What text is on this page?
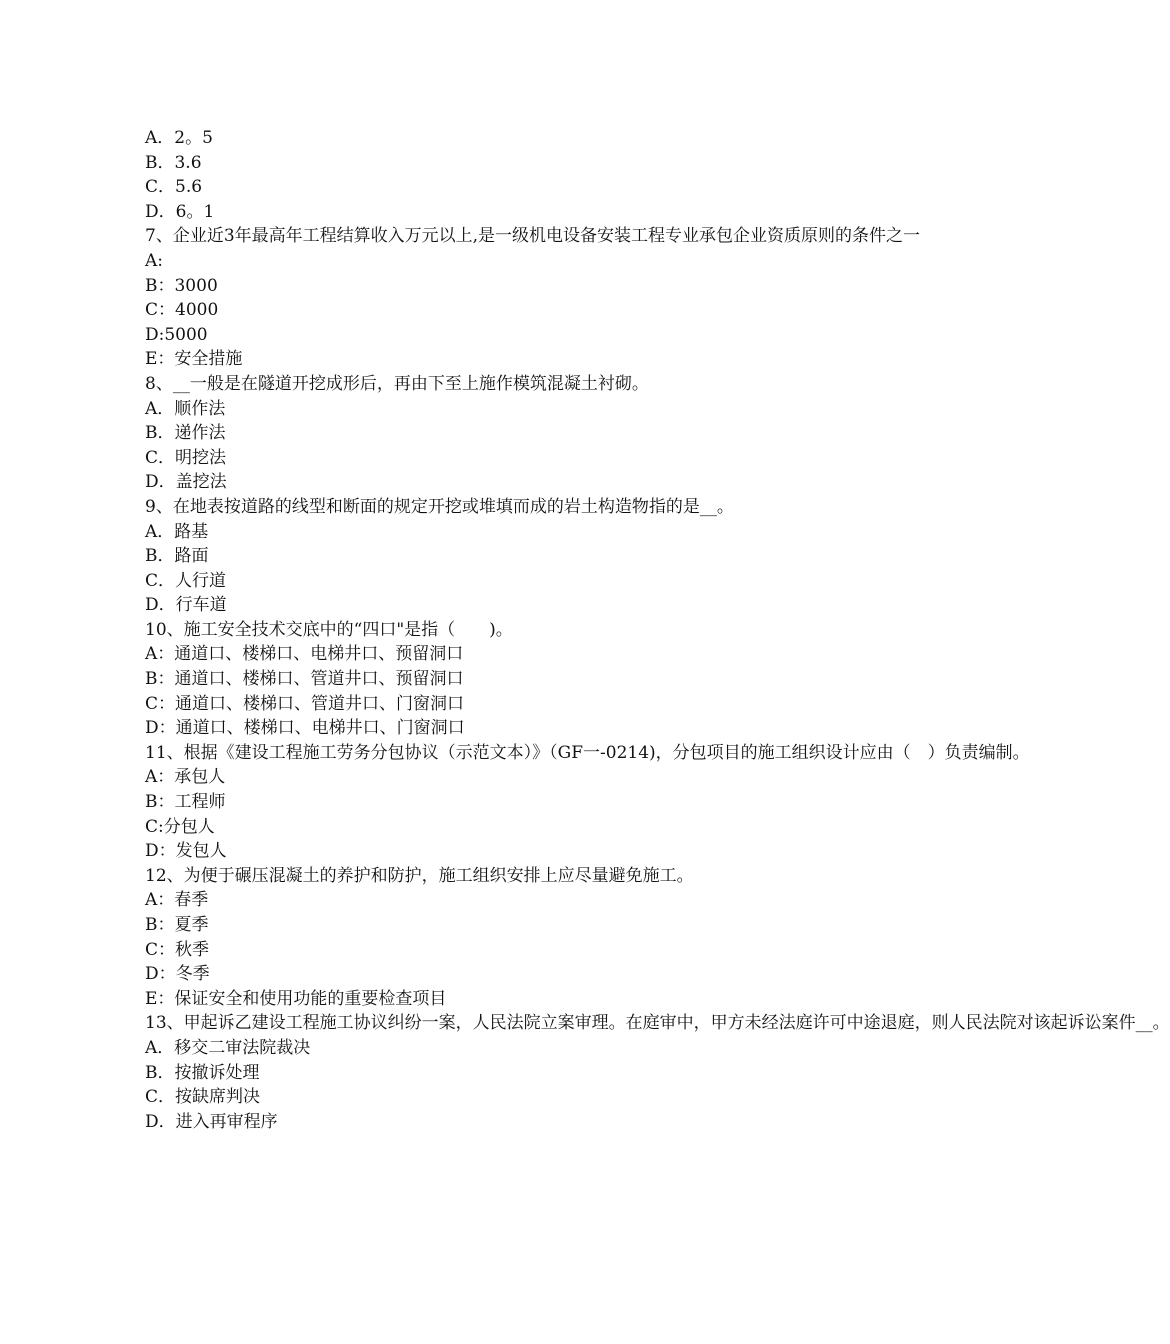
A．2。5
B．3.6
C．5.6
D．6。1
7、企业近3年最高年工程结算收入万元以上,是一级机电设备安装工程专业承包企业资质原则的条件之一
A:
B：3000
C：4000
D:5000
E：安全措施
8、__一般是在隧道开挖成形后，再由下至上施作模筑混凝土衬砌。
A．顺作法
B．递作法
C．明挖法
D．盖挖法
9、在地表按道路的线型和断面的规定开挖或堆填而成的岩土构造物指的是__。
A．路基
B．路面
C．人行道
D．行车道
10、施工安全技术交底中的“四口"是指（　　)。
A：通道口、楼梯口、电梯井口、预留洞口
B：通道口、楼梯口、管道井口、预留洞口
C：通道口、楼梯口、管道井口、门窗洞口
D：通道口、楼梯口、电梯井口、门窗洞口
11、根据《建设工程施工劳务分包协议（示范文本）》（GF一-0214)，分包项目的施工组织设计应由（　）负责编制。
A：承包人
B：工程师
C:分包人
D：发包人
12、为便于碾压混凝土的养护和防护，施工组织安排上应尽量避免施工。
A：春季
B：夏季
C：秋季
D：冬季
E：保证安全和使用功能的重要检查项目
13、甲起诉乙建设工程施工协议纠纷一案，人民法院立案审理。在庭审中，甲方未经法庭许可中途退庭，则人民法院对该起诉讼案件__。
A．移交二审法院裁决
B．按撤诉处理
C．按缺席判决
D．进入再审程序
